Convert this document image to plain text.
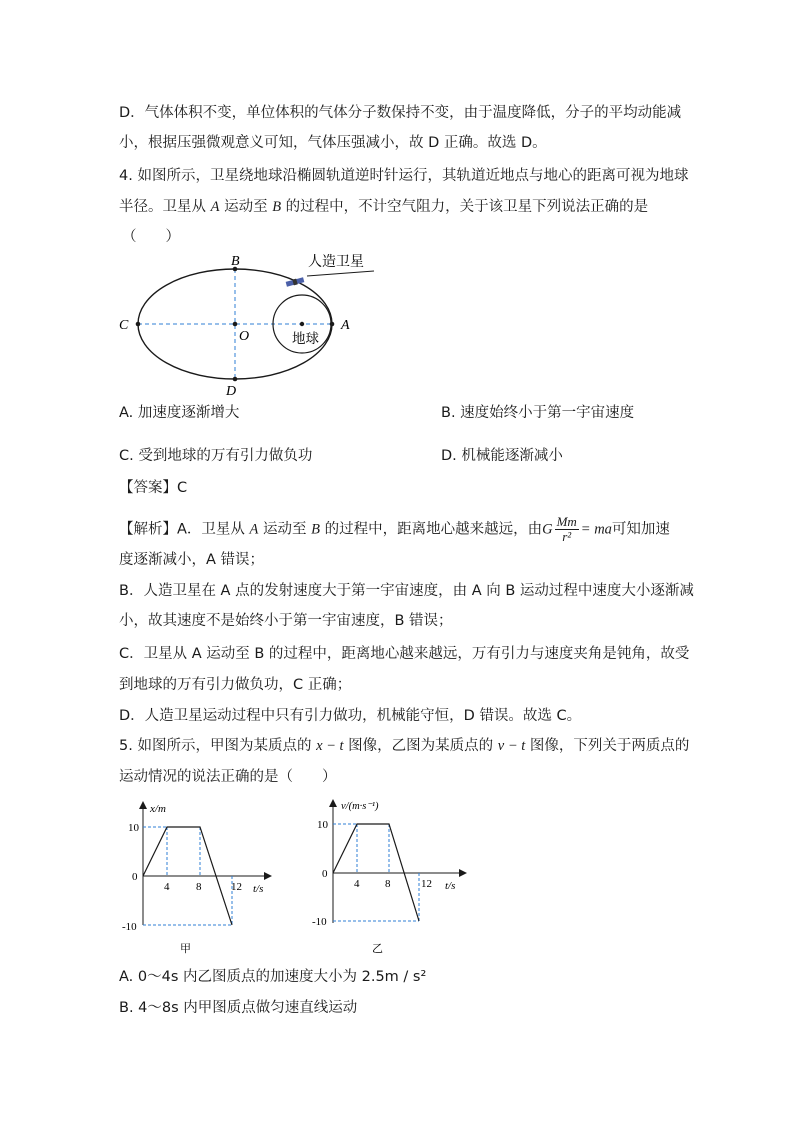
D．气体体积不变，单位体积的气体分子数保持不变，由于温度降低，分子的平均动能减
小，根据压强微观意义可知，气体压强减小，故 D 正确。故选 D。
4. 如图所示，卫星绕地球沿椭圆轨道逆时针运行，其轨道近地点与地心的距离可视为地球
半径。卫星从 A 运动至 B 的过程中，不计空气阻力，关于该卫星下列说法正确的是
（　　）
人造卫星
地球
B
C
O
A
D
A. 加速度逐渐增大	B. 速度始终小于第一宇宙速度
C. 受到地球的万有引力做负功	D. 机械能逐渐减小
【答案】C
【解析】A．卫星从 A 运动至 B 的过程中，距离地心越来越远，由G $\frac{Mm}{\text{r²}}$ = ma可知加速
度逐渐减小，A 错误；
B．人造卫星在 A 点的发射速度大于第一宇宙速度，由 A 向 B 运动过程中速度大小逐渐减
小，故其速度不是始终小于第一宇宙速度，B 错误；
C．卫星从 A 运动至 B 的过程中，距离地心越来越远，万有引力与速度夹角是钝角，故受
到地球的万有引力做负功，C 正确；
D．人造卫星运动过程中只有引力做功，机械能守恒，D 错误。故选 C。
5. 如图所示，甲图为某质点的 x − t 图像，乙图为某质点的 v − t 图像，下列关于两质点的
运动情况的说法正确的是（　　）
x/m
t/s
10
0
-10
4 8	12
甲
v/(m·s⁻¹)
t/s
10
0
-10
4 8	12
乙
A. 0～4s 内乙图质点的加速度大小为 2.5m / s²
B. 4～8s 内甲图质点做匀速直线运动
